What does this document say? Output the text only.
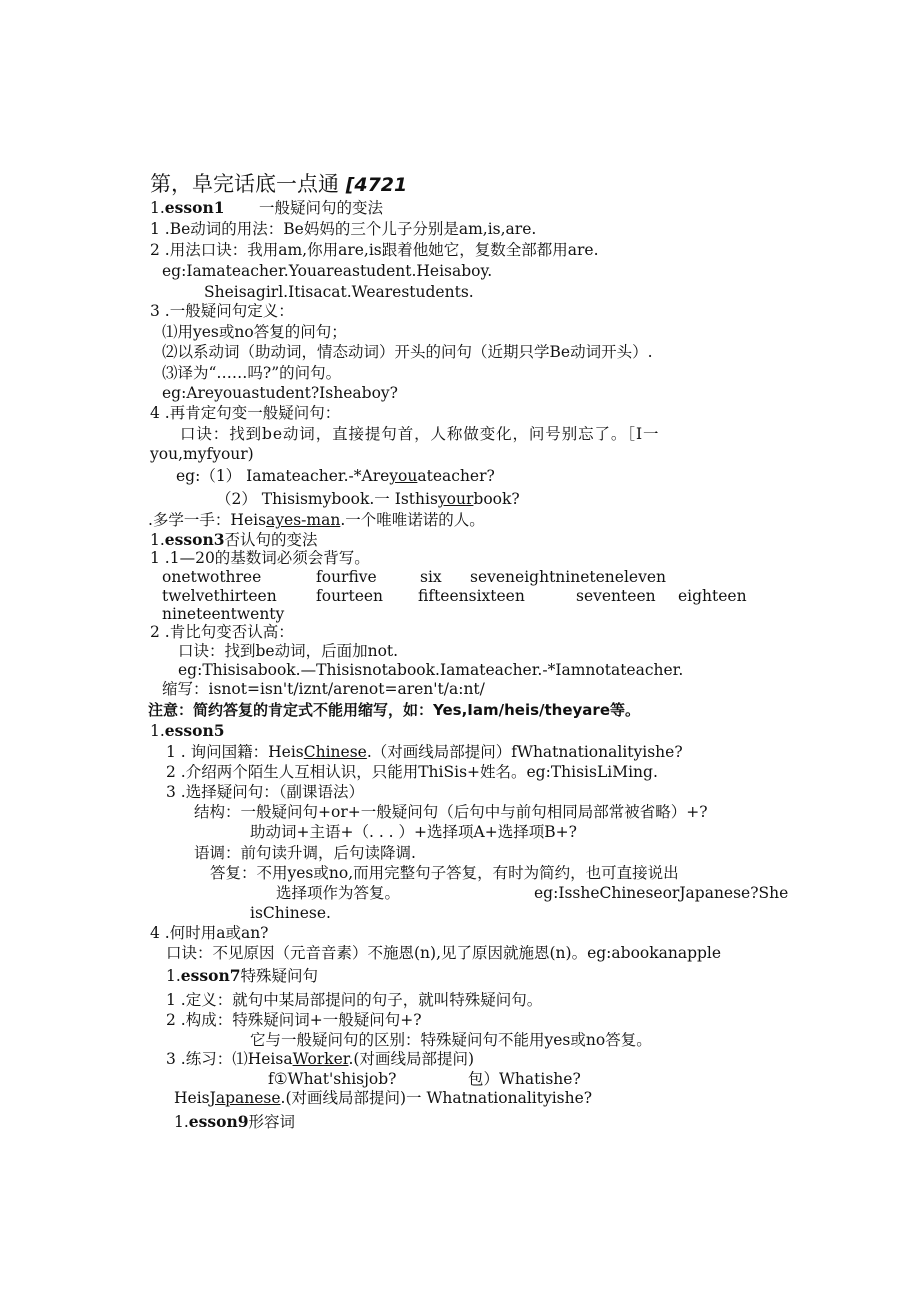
第，阜完话底一点通 [4721
1.esson1 一般疑问句的变法
1 .Be动词的用法：Be妈妈的三个儿子分别是am,is,are.
2 .用法口诀：我用am,你用are,is跟着他她它，复数全部都用are.
eg:Iamateacher.Youareastudent.Heisaboy.
Sheisagirl.Itisacat.Wearestudents.
3 .一般疑问句定义：
⑴用yes或no答复的问句；
⑵以系动词（助动词，情态动词）开头的问句（近期只学Be动词开头）.
⑶译为“……吗?”的问句。
eg:Areyouastudent?Isheaboy?
4 .再肯定句变一般疑问句：
口诀：找到be动词，直接提句首，人称做变化，问号别忘了。［I一
you,myfyour)
eg:（1） Iamateacher.-*Areyouateacher?
（2） Thisismybook.一 Isthisyourbook?
.多学一手：Heisayes-man.一个唯唯诺诺的人。
1.esson3否认句的变法
1 .1—20的基数词必须会背写。
onetwothree	fourfive	six seveneightnineteneleven
twelvethirteen	fourteen fifteensixteen	seventeen eighteen
nineteentwenty
2 .肯比句变否认高：
口诀：找到be动词，后面加not.
eg:Thisisabook.—Thisisnotabook.Iamateacher.-*Iamnotateacher.
缩写：isnot=isn't/iznt/arenot=aren't/a:nt/
注意：简约答复的肯定式不能用缩写，如：Yes,Iam/heis/theyare等。
1.esson5
1 . 询问国籍：HeisChinese.（对画线局部提问）fWhatnationalityishe?
2 .介绍两个陌生人互相认识，只能用ThiSis+姓名。eg:ThisisLiMing.
3 .选择疑问句：（副课语法）
结构：一般疑问句+or+一般疑问句（后句中与前句相同局部常被省略）+?
助动词+主语+（. . . ）+选择项A+选择项B+?
语调：前句读升调，后句读降调.
答复：不用yes或no,而用完整句子答复，有时为简约，也可直接说出
选择项作为答复。	eg:IssheChineseorJapanese?She
isChinese.
4 .何时用a或an?
口诀：不见原因（元音音素）不施恩(n),见了原因就施恩(n)。eg:abookanapple
1.esson7特殊疑问句
1 .定义：就句中某局部提问的句子，就叫特殊疑问句。
2 .构成：特殊疑问词+一般疑问句+?
它与一般疑问句的区别：特殊疑问句不能用yes或no答复。
3 .练习：⑴HeisaWorker.(对画线局部提问)
f①What'shisjob?	包）Whatishe?
HeisJapanese.(对画线局部提问)一 Whatnationalityishe?
1.esson9形容词
